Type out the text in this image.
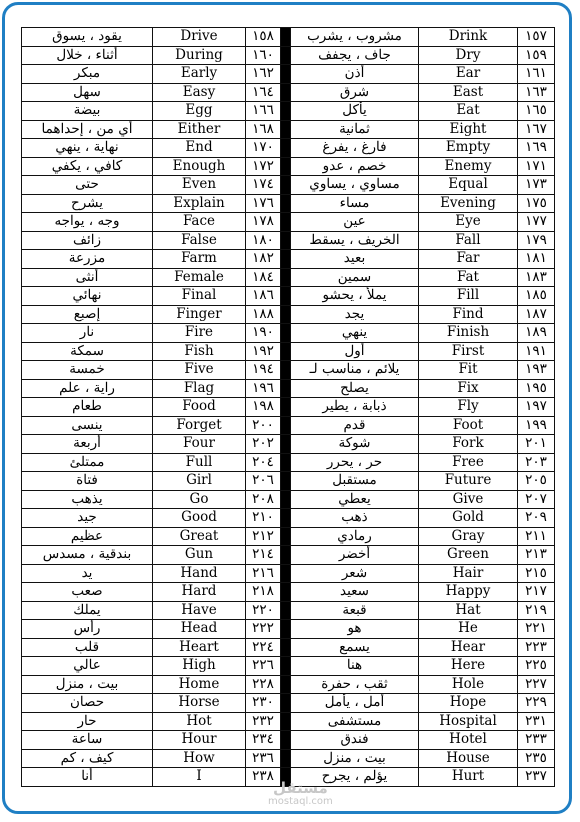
يقود ، يسوق	Drive	١٥٨		مشروب ، يشرب	Drink	١٥٧
أثناء ، خلال	During	١٦٠		جاف ، يجفف	Dry	١٥٩
مبكر	Early	١٦٢		أذن	Ear	١٦١
سهل	Easy	١٦٤		شرق	East	١٦٣
بيضة	Egg	١٦٦		يأكل	Eat	١٦٥
أي من ، إحداهما	Either	١٦٨		ثمانية	Eight	١٦٧
نهاية ، ينهي	End	١٧٠		فارغ ، يفرغ	Empty	١٦٩
كافي ، يكفي	Enough	١٧٢		خصم ، عدو	Enemy	١٧١
حتى	Even	١٧٤		مساوي ، يساوي	Equal	١٧٣
يشرح	Explain	١٧٦		مساء	Evening	١٧٥
وجه ، يواجه	Face	١٧٨		عين	Eye	١٧٧
زائف	False	١٨٠		الخريف ، يسقط	Fall	١٧٩
مزرعة	Farm	١٨٢		بعيد	Far	١٨١
أنثى	Female	١٨٤		سمين	Fat	١٨٣
نهائي	Final	١٨٦		يملأ ، يحشو	Fill	١٨٥
إصبع	Finger	١٨٨		يجد	Find	١٨٧
نار	Fire	١٩٠		ينهي	Finish	١٨٩
سمكة	Fish	١٩٢		أول	First	١٩١
خمسة	Five	١٩٤		يلائم ، مناسب لـ	Fit	١٩٣
راية ، علم	Flag	١٩٦		يصلح	Fix	١٩٥
طعام	Food	١٩٨		ذبابة ، يطير	Fly	١٩٧
ينسى	Forget	٢٠٠		قدم	Foot	١٩٩
أربعة	Four	٢٠٢		شوكة	Fork	٢٠١
ممتلئ	Full	٢٠٤		حر ، يحرر	Free	٢٠٣
فتاة	Girl	٢٠٦		مستقبل	Future	٢٠٥
يذهب	Go	٢٠٨		يعطي	Give	٢٠٧
جيد	Good	٢١٠		ذهب	Gold	٢٠٩
عظيم	Great	٢١٢		رمادي	Gray	٢١١
بندقية ، مسدس	Gun	٢١٤		أخضر	Green	٢١٣
يد	Hand	٢١٦		شعر	Hair	٢١٥
صعب	Hard	٢١٨		سعيد	Happy	٢١٧
يملك	Have	٢٢٠		قبعة	Hat	٢١٩
رأس	Head	٢٢٢		هو	He	٢٢١
قلب	Heart	٢٢٤		يسمع	Hear	٢٢٣
عالي	High	٢٢٦		هنا	Here	٢٢٥
بيت ، منزل	Home	٢٢٨		ثقب ، حفرة	Hole	٢٢٧
حصان	Horse	٢٣٠		أمل ، يأمل	Hope	٢٢٩
حار	Hot	٢٣٢		مستشفى	Hospital	٢٣١
ساعة	Hour	٢٣٤		فندق	Hotel	٢٣٣
كيف ، كم	How	٢٣٦		بيت ، منزل	House	٢٣٥
أنا	I	٢٣٨		يؤلم ، يجرح	Hurt	٢٣٧
مستقل
mostaql.com
